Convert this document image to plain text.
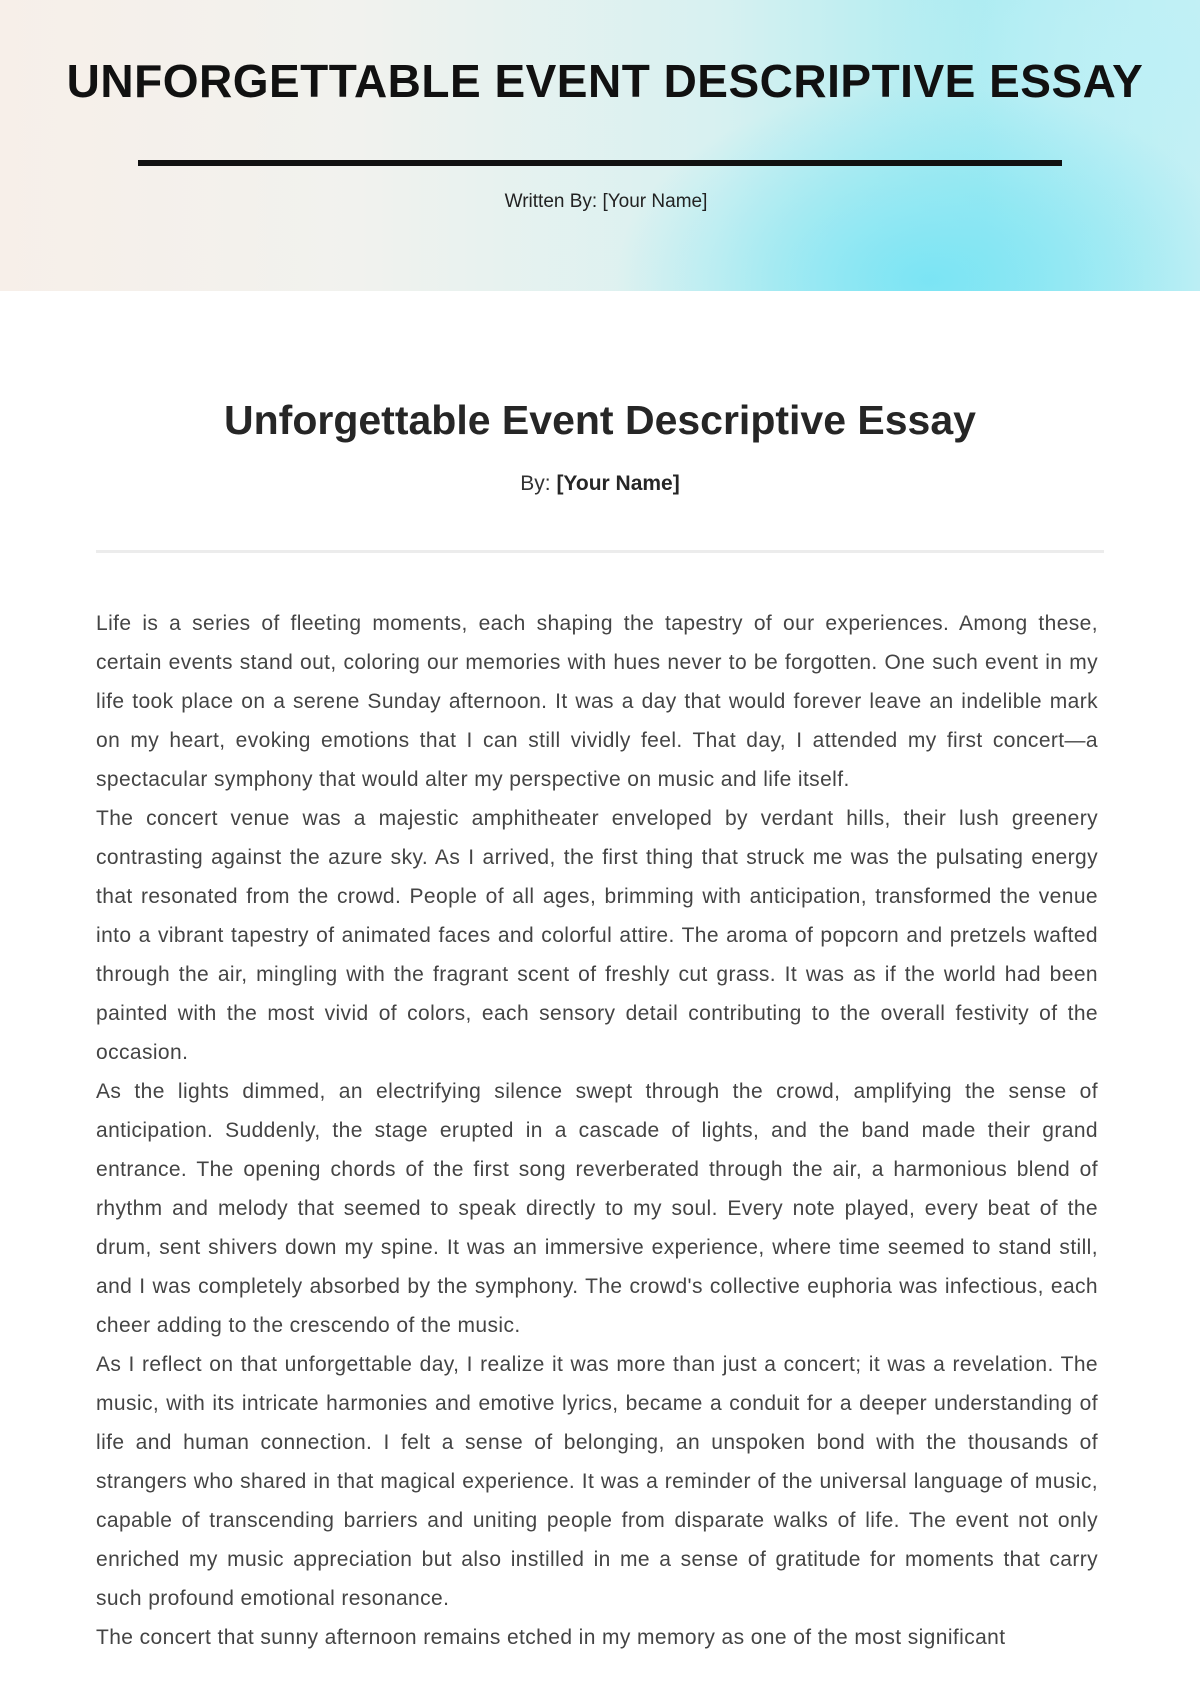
UNFORGETTABLE EVENT DESCRIPTIVE ESSAY
Written By: [Your Name]
Unforgettable Event Descriptive Essay
By: [Your Name]

Life is a series of fleeting moments, each shaping the tapestry of our experiences. Among these, certain events stand out, coloring our memories with hues never to be forgotten. One such event in my life took place on a serene Sunday afternoon. It was a day that would forever leave an indelible mark on my heart, evoking emotions that I can still vividly feel. That day, I attended my first concert—a spectacular symphony that would alter my perspective on music and life itself.

The concert venue was a majestic amphitheater enveloped by verdant hills, their lush greenery contrasting against the azure sky. As I arrived, the first thing that struck me was the pulsating energy that resonated from the crowd. People of all ages, brimming with anticipation, transformed the venue into a vibrant tapestry of animated faces and colorful attire. The aroma of popcorn and pretzels wafted through the air, mingling with the fragrant scent of freshly cut grass. It was as if the world had been painted with the most vivid of colors, each sensory detail contributing to the overall festivity of the occasion.

As the lights dimmed, an electrifying silence swept through the crowd, amplifying the sense of anticipation. Suddenly, the stage erupted in a cascade of lights, and the band made their grand entrance. The opening chords of the first song reverberated through the air, a harmonious blend of rhythm and melody that seemed to speak directly to my soul. Every note played, every beat of the drum, sent shivers down my spine. It was an immersive experience, where time seemed to stand still, and I was completely absorbed by the symphony. The crowd's collective euphoria was infectious, each cheer adding to the crescendo of the music.

As I reflect on that unforgettable day, I realize it was more than just a concert; it was a revelation. The music, with its intricate harmonies and emotive lyrics, became a conduit for a deeper understanding of life and human connection. I felt a sense of belonging, an unspoken bond with the thousands of strangers who shared in that magical experience. It was a reminder of the universal language of music, capable of transcending barriers and uniting people from disparate walks of life. The event not only enriched my music appreciation but also instilled in me a sense of gratitude for moments that carry such profound emotional resonance.

The concert that sunny afternoon remains etched in my memory as one of the most significant
